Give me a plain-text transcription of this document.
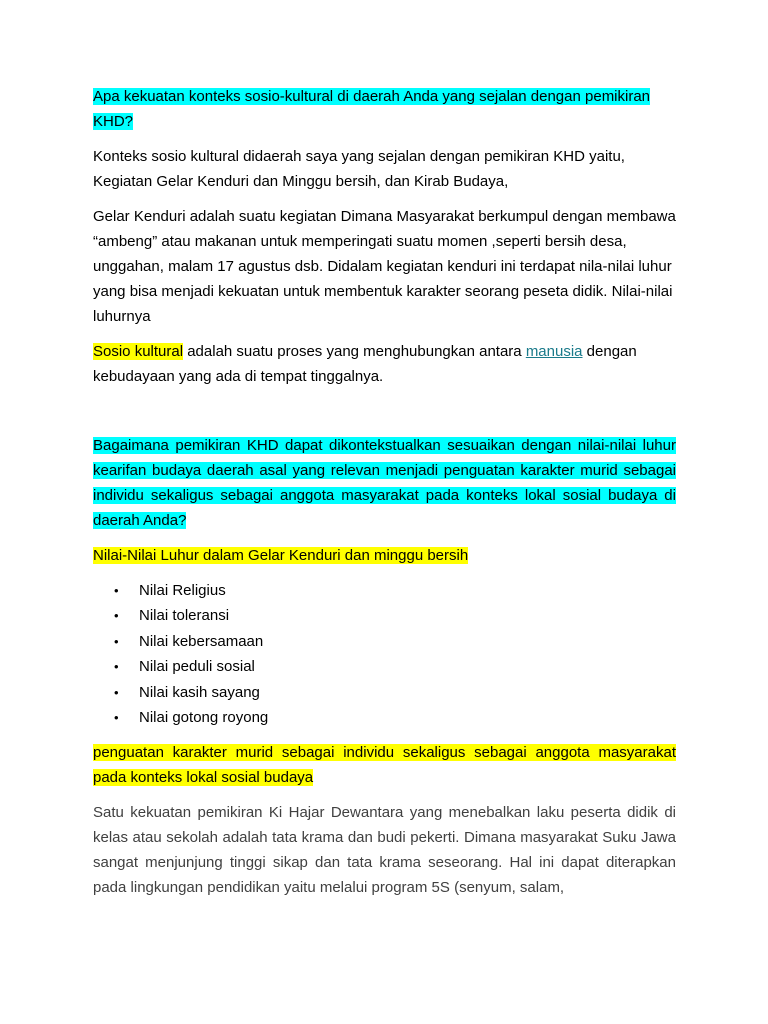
Apa kekuatan konteks sosio-kultural di daerah Anda yang sejalan dengan pemikiran KHD?

Konteks sosio kultural didaerah saya yang sejalan dengan pemikiran KHD yaitu, Kegiatan Gelar Kenduri dan Minggu bersih, dan Kirab Budaya,

Gelar Kenduri adalah suatu kegiatan Dimana Masyarakat berkumpul dengan membawa “ambeng” atau makanan untuk memperingati suatu momen ,seperti bersih desa, unggahan, malam 17 agustus dsb. Didalam kegiatan kenduri ini terdapat nila-nilai luhur yang bisa menjadi kekuatan untuk membentuk karakter seorang peseta didik. Nilai-nilai luhurnya

Sosio kultural adalah suatu proses yang menghubungkan antara manusia dengan kebudayaan yang ada di tempat tinggalnya.

Bagaimana pemikiran KHD dapat dikontekstualkan sesuaikan dengan nilai-nilai luhur kearifan budaya daerah asal yang relevan menjadi penguatan karakter murid sebagai individu sekaligus sebagai anggota masyarakat pada konteks lokal sosial budaya di daerah Anda?

Nilai-Nilai Luhur dalam Gelar Kenduri dan minggu bersih

• Nilai Religius
• Nilai toleransi
• Nilai kebersamaan
• Nilai peduli sosial
• Nilai kasih sayang
• Nilai gotong royong

penguatan karakter murid sebagai individu sekaligus sebagai anggota masyarakat pada konteks lokal sosial budaya

Satu kekuatan pemikiran Ki Hajar Dewantara yang menebalkan laku peserta didik di kelas atau sekolah adalah tata krama dan budi pekerti. Dimana masyarakat Suku Jawa sangat menjunjung tinggi sikap dan tata krama seseorang. Hal ini dapat diterapkan pada lingkungan pendidikan yaitu melalui program 5S (senyum, salam,
